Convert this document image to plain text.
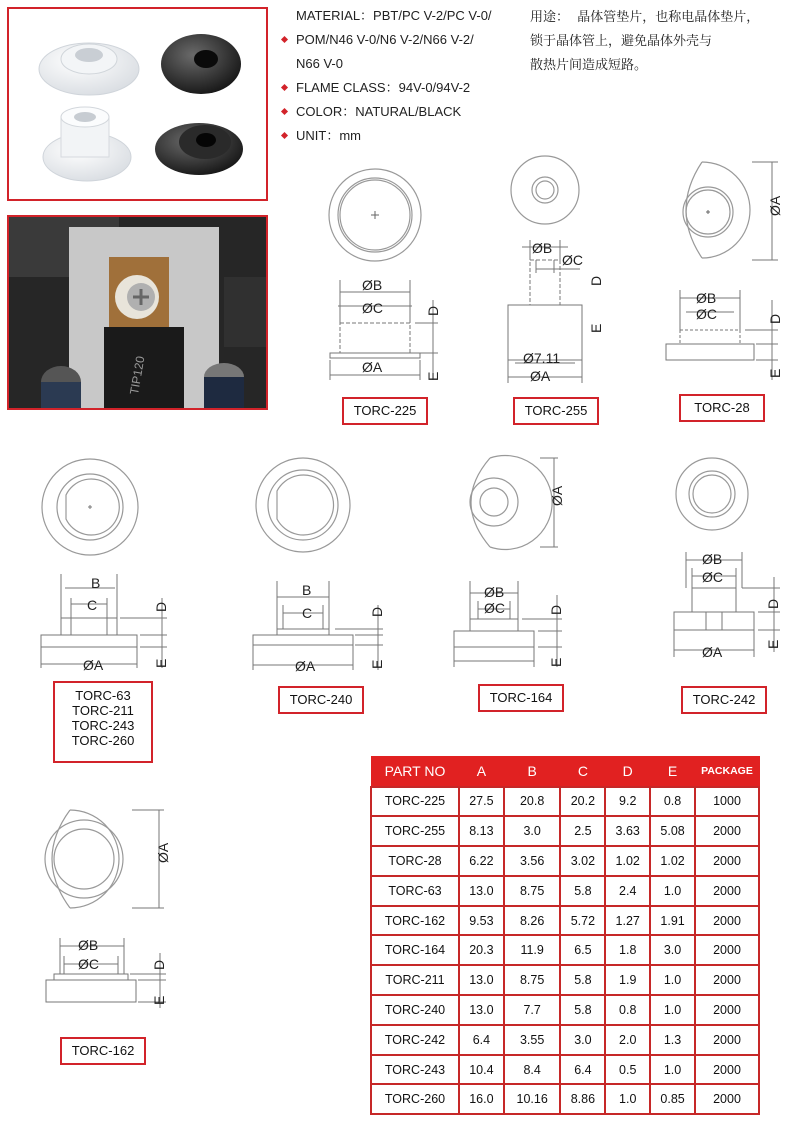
TIP120
MATERIAL：PBT/PC V-2/PC V-0/
POM/N46 V-0/N6 V-2/N66 V-2/
N66 V-0
FLAME CLASS：94V-0/94V-2
COLOR：NATURAL/BLACK
UNIT：mm
用途： 晶体管垫片，也称电晶体垫片，
锁于晶体管上，避免晶体外壳与
散热片间造成短路。
ØB
ØC
ØA
D
E
TORC-225
ØB
ØC
Ø7.11
ØA
D
E
TORC-255
ØA
ØB
ØC	D
E
TORC-28
B
C
ØA
D
E
TORC-63
TORC-211
TORC-243
TORC-260
B
C
ØA
D
E
TORC-240
ØA
ØB
ØC	D
E
TORC-164
ØB
ØC
ØA
D
E
TORC-242
ØA
ØB
ØC	D
E
TORC-162
PART NO	A	B	C	D	E	PACKAGE
TORC-225	27.5	20.8	20.2	9.2	0.8	1000
TORC-255	8.13	3.0	2.5	3.63	5.08	2000
TORC-28	6.22	3.56	3.02	1.02	1.02	2000
TORC-63	13.0	8.75	5.8	2.4	1.0	2000
TORC-162	9.53	8.26	5.72	1.27	1.91	2000
TORC-164	20.3	11.9	6.5	1.8	3.0	2000
TORC-211	13.0	8.75	5.8	1.9	1.0	2000
TORC-240	13.0	7.7	5.8	0.8	1.0	2000
TORC-242	6.4	3.55	3.0	2.0	1.3	2000
TORC-243	10.4	8.4	6.4	0.5	1.0	2000
TORC-260	16.0	10.16	8.86	1.0	0.85	2000
